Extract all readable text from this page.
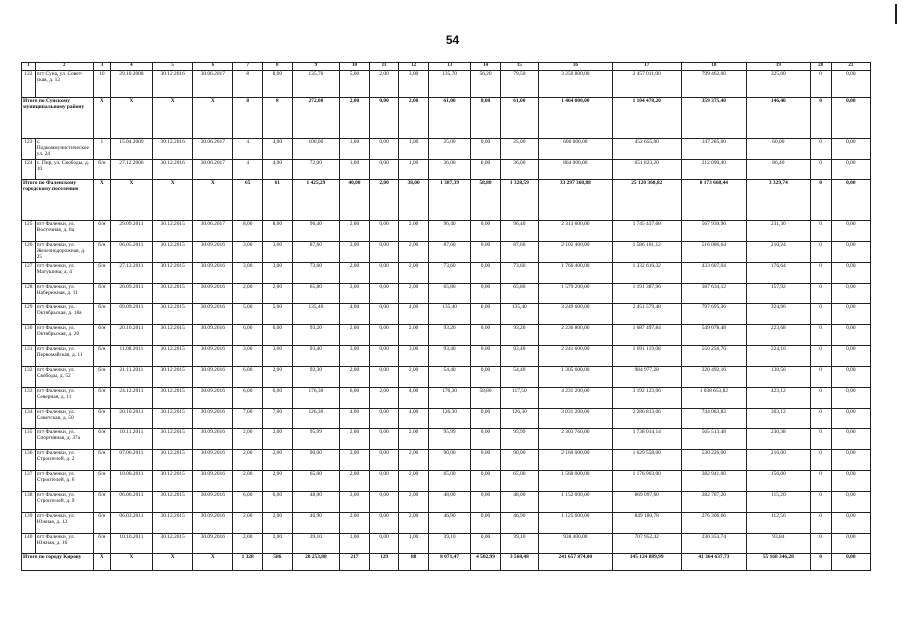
54
1	2	3	4	5	6	7	8	9	10	11	12	13	14	15	16	17	18	19	20	21
122	пгт Суна, ул. Совет-ская, д. 12	10	29.10.2008	30.12.2016	30.06.2017	8	8,00	135,70	5,00	2,00	3,00	135,70	56,20	79,50	3 256 800,00	2 457 011,00	799 462,00	325,00	0	0,00
Итого по Сунскому муниципальному району		X	X	X	X	8	8	272,08	2,00	0,00	2,00	61,00	0,00	61,00	1 464 000,00	1 104 478,20	359 375,40	146,40	0	0,00
123	с. Подкоммунистическое ул. 24	1	15.04.2009	30.12.2016	30.06.2017	4	4,00	100,00	1,00	0,00	1,00	25,00	0,00	25,00	600 000,00	452 655,00	147 285,00	60,00	0	0,00
124	с. Пир, ул. Свободы, д. 10	б/н	27.12.2006	30.12.2016	30.06.2017	4	4,00	72,00	1,00	0,00	1,00	36,00	0,00	36,00	864 000,00	651 823,20	212 090,40	86,40	0	0,00
Итого по Фаленскому городскому поселению		X	X	X	X	65	61	1 425,29	40,00	2,00	38,00	1 387,39	58,80	1 328,59	33 297 360,88	25 120 360,82	8 173 668,44	3 329,74	0	0,00
125	пгт Фаленки, ул. Восточная, д. 8а	б/н	29.09.2011	30.12.2015	30.06.2017	8,00	8,00	96,40	2,00	0,00	2,00	96,40	0,00	96,40	2 313 600,00	1 745 437,68	567 930,96	231,36	0	0,00
126	пгт Фаленки, ул. Железнодорожная, д. 25	б/н	06.05.2011	30.12.2015	30.09.2016	3,00	3,00	87,60	2,00	0,00	2,00	87,60	0,00	87,60	2 102 400,00	1 586 101,12	516 086,64	210,24	0	0,00
127	пгт Фаленки, ул. Матушина, д. 4	б/н	27.12.2011	30.12.2015	30.09.2016	3,00	3,00	73,60	2,00	0,00	2,00	73,60	0,00	73,60	1 766 400,00	1 332 616,32	433 607,04	176,64	0	0,00
128	пгт Фаленки, ул. Набережная, д. 11	б/н	20.09.2011	30.12.2015	30.09.2016	2,00	2,00	65,80	2,00	0,00	2,00	65,80	0,00	65,80	1 579 200,00	1 191 387,96	387 634,12	157,92	0	0,00
129	пгт Фаленки, ул. Октябрьская, д. 18а	б/н	09.09.2011	30.12.2015	30.09.2016	5,00	5,00	135,40	4,00	0,00	4,00	135,40	0,00	135,40	3 249 600,00	2 451 579,48	797 695,36	324,96	0	0,00
130	пгт Фаленки, ул. Октябрьская, д. 20	б/н	20.10.2011	30.12.2015	30.09.2016	6,00	6,00	93,20	2,00	0,00	2,00	93,20	0,00	93,20	2 236 800,00	1 687 497,84	549 078,48	223,68	0	0,00
131	пгт Фаленки, ул. Первомайская, д. 11	б/н	11.08.2011	30.12.2015	30.09.2016	3,00	3,00	93,40	3,00	0,00	3,00	93,40	0,00	93,40	2 241 600,00	1 691 119,08	550 256,76	224,16	0	0,00
132	пгт Фаленки, ул. Свободы, д. 52	б/н	21.11.2011	30.12.2015	30.09.2016	6,00	2,00	92,30	2,00	0,00	2,00	54,40	0,00	54,40	1 305 600,00	984 977,28	320 492,16	130,56	0	0,00
133	пгт Фаленки, ул. Северная, д. 11	б/н	24.12.2011	30.12.2015	30.09.2016	6,00	6,00	176,30	6,00	2,00	4,00	176,30	58,80	117,50	4 231 200,00	3 192 123,06	1 038 653,82	423,12	0	0,00
134	пгт Фаленки, ул. Советская, д. 50	б/н	20.10.2011	30.12.2015	30.09.2016	7,00	7,00	126,30	4,00	0,00	4,00	126,30	0,00	126,30	3 031 200,00	2 286 813,06	744 083,82	303,12	0	0,00
135	пгт Фаленки, ул. Спортивная, д. 37а	б/н	10.11.2011	30.12.2015	30.09.2016	2,00	2,00	95,99	2,00	0,00	2,00	95,99	0,00	95,99	2 303 760,00	1 738 014,14	565 513,48	230,38	0	0,00
136	пгт Фаленки, ул. Строителей, д. 2	б/н	07.06.2011	30.12.2015	30.09.2016	2,00	2,00	90,00	2,00	0,00	2,00	90,00	0,00	90,00	2 160 000,00	1 629 558,00	530 226,00	216,00	0	0,00
137	пгт Фаленки, ул. Строителей, д. 6	б/н	10.06.2011	30.12.2015	30.09.2016	2,00	2,00	65,00	2,00	0,00	2,00	65,00	0,00	65,00	1 560 000,00	1 176 903,00	382 941,00	156,00	0	0,00
138	пгт Фаленки, ул. Строителей, д. 9	б/н	06.06.2011	30.12.2015	30.09.2016	6,00	6,00	48,00	2,00	0,00	2,00	48,00	0,00	48,00	1 152 000,00	869 097,60	282 787,20	115,20	0	0,00
139	пгт Фаленки, ул. Южная, д. 12	б/н	06.03.2011	30.12.2015	30.09.2016	2,00	2,00	46,90	2,00	0,00	2,00	46,90	0,00	46,90	1 125 600,00	849 180,78	276 306,66	112,56	0	0,00
140	пгт Фаленки, ул. Южная, д. 16	б/н	10.10.2011	30.12.2015	30.09.2016	2,00	2,00	39,10	1,00	0,00	1,00	39,10	0,00	39,10	938 400,00	707 952,42	230 353,74	93,84	0	0,00
Итого по городу Кирову		X	X	X	X	1 328	586	20 253,88	217	129	88	8 071,47	4 502,99	3 568,48	241 657 874,00	145 124 889,99	41 364 637,73	55 168 346,28	0	0,00
